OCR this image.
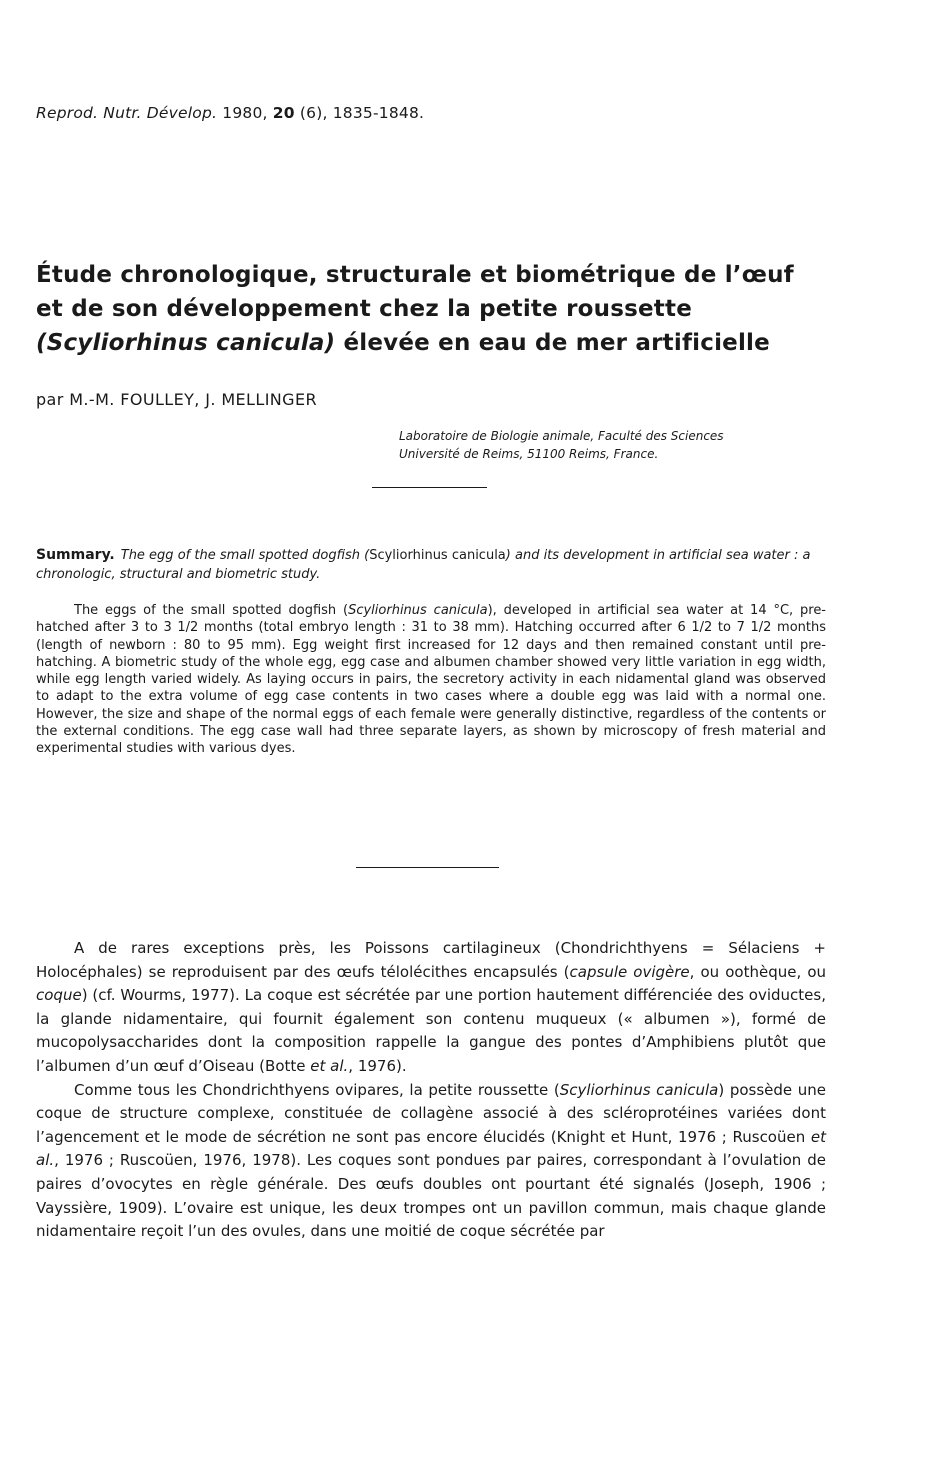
Reprod. Nutr. Dévelop. 1980, 20 (6), 1835-1848.
Étude chronologique, structurale et biométrique de l’œuf
et de son développement chez la petite roussette
(Scyliorhinus canicula) élevée en eau de mer artificielle
par M.-M. FOULLEY, J. MELLINGER
Laboratoire de Biologie animale, Faculté des Sciences
Université de Reims, 51100 Reims, France.
Summary. The egg of the small spotted dogfish (Scyliorhinus canicula) and its development in artificial sea water : a chronologic, structural and biometric study.
The eggs of the small spotted dogfish (Scyliorhinus canicula), developed in artificial sea water at 14 °C, pre-hatched after 3 to 3 1/2 months (total embryo length : 31 to 38 mm). Hatching occurred after 6 1/2 to 7 1/2 months (length of newborn : 80 to 95 mm). Egg weight first increased for 12 days and then remained constant until pre-hatching. A biometric study of the whole egg, egg case and albumen chamber showed very little variation in egg width, while egg length varied widely. As laying occurs in pairs, the secretory activity in each nidamental gland was observed to adapt to the extra volume of egg case contents in two cases where a double egg was laid with a normal one. However, the size and shape of the normal eggs of each female were generally distinctive, regardless of the contents or the external conditions. The egg case wall had three separate layers, as shown by microscopy of fresh material and experimental studies with various dyes.

A de rares exceptions près, les Poissons cartilagineux (Chondrichthyens = Sélaciens + Holocéphales) se reproduisent par des œufs télolécithes encapsulés (capsule ovigère, ou oothèque, ou coque) (cf. Wourms, 1977). La coque est sécrétée par une portion hautement différenciée des oviductes, la glande nidamentaire, qui fournit également son contenu muqueux (« albumen »), formé de mucopolysaccharides dont la composition rappelle la gangue des pontes d’Amphibiens plutôt que l’albumen d’un œuf d’Oiseau (Botte et al., 1976).

Comme tous les Chondrichthyens ovipares, la petite roussette (Scyliorhinus canicula) possède une coque de structure complexe, constituée de collagène associé à des scléroprotéines variées dont l’agencement et le mode de sécrétion ne sont pas encore élucidés (Knight et Hunt, 1976 ; Ruscoüen et al., 1976 ; Ruscoüen, 1976, 1978). Les coques sont pondues par paires, correspondant à l’ovulation de paires d’ovocytes en règle générale. Des œufs doubles ont pourtant été signalés (Joseph, 1906 ; Vayssière, 1909). L’ovaire est unique, les deux trompes ont un pavillon commun, mais chaque glande nidamentaire reçoit l’un des ovules, dans une moitié de coque sécrétée par
